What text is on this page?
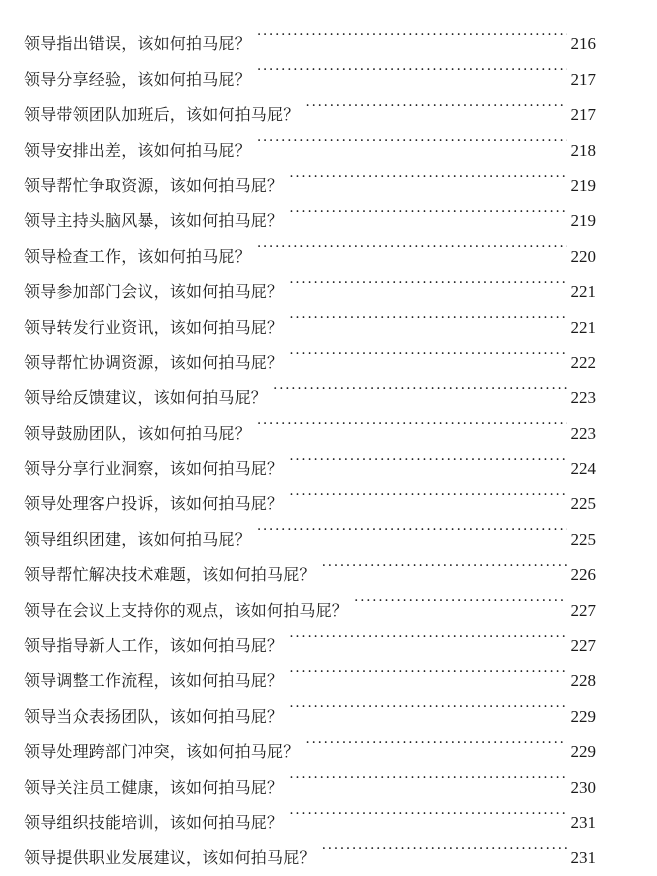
领导指出错误，该如何拍马屁？ .....	216
领导分享经验，该如何拍马屁？ .....	217
领导带领团队加班后，该如何拍马屁？ .....	217
领导安排出差，该如何拍马屁？ .....	218
领导帮忙争取资源，该如何拍马屁？ .....	219
领导主持头脑风暴，该如何拍马屁？ .....	219
领导检查工作，该如何拍马屁？ .....	220
领导参加部门会议，该如何拍马屁？ .....	221
领导转发行业资讯，该如何拍马屁？ .....	221
领导帮忙协调资源，该如何拍马屁？ .....	222
领导给反馈建议，该如何拍马屁？ .....	223
领导鼓励团队，该如何拍马屁？ .....	223
领导分享行业洞察，该如何拍马屁？ .....	224
领导处理客户投诉，该如何拍马屁？ .....	225
领导组织团建，该如何拍马屁？ .....	225
领导帮忙解决技术难题，该如何拍马屁？ .....	226
领导在会议上支持你的观点，该如何拍马屁？ .....	227
领导指导新人工作，该如何拍马屁？ .....	227
领导调整工作流程，该如何拍马屁？ .....	228
领导当众表扬团队，该如何拍马屁？ .....	229
领导处理跨部门冲突，该如何拍马屁？ .....	229
领导关注员工健康，该如何拍马屁？ .....	230
领导组织技能培训，该如何拍马屁？ .....	231
领导提供职业发展建议，该如何拍马屁？ .....	231
